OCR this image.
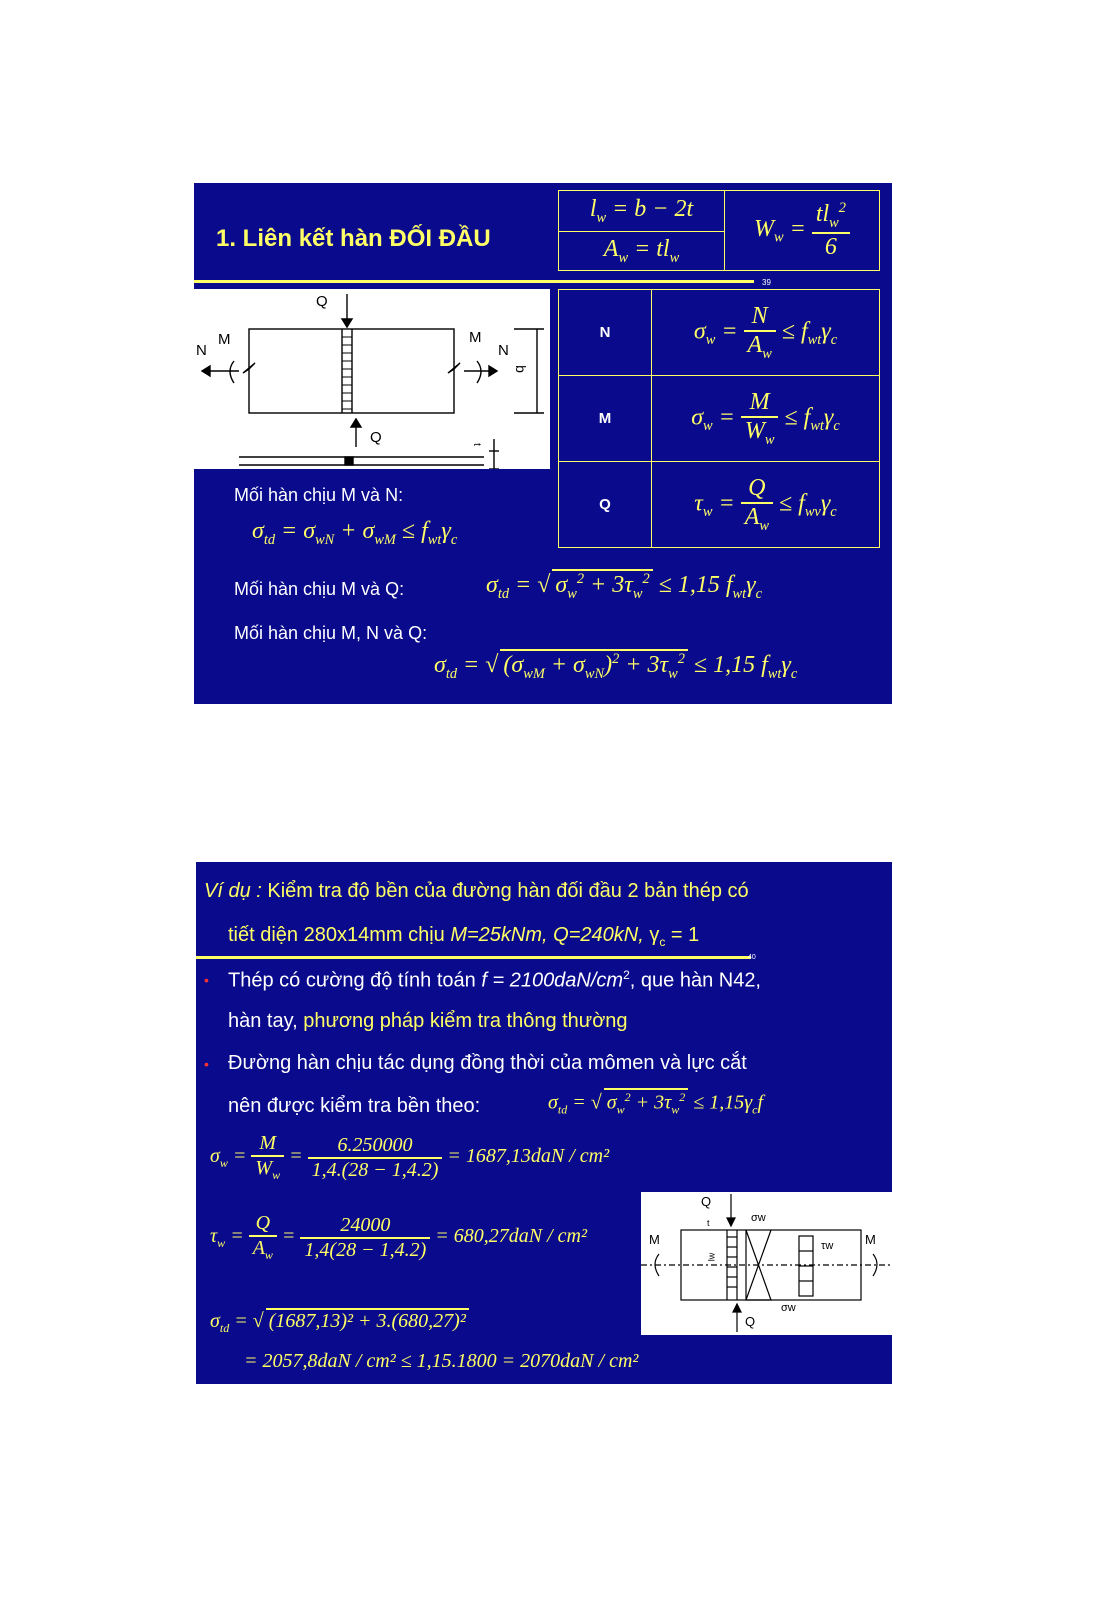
1. Liên kết hàn ĐỐI ĐẦU
39
$l_w = b - 2t$
$A_w = tl_w$
$W_w = \frac{tl_w^2}{6}$
Q
Q
N
M	M
N
b
t
N	$\sigma_w = \frac{N}{A_w} \le f_{wt}\gamma_c$
M	$\sigma_w = \frac{M}{W_w} \le f_{wt}\gamma_c$
Q	$\tau_w = \frac{Q}{A_w} \le f_{wv}\gamma_c$
Mối hàn chịu M và N:
$\sigma_{td} = \sigma_{wN} + \sigma_{wM} \le f_{wt}\gamma_c$
Mối hàn chịu M và Q:	$\sigma_{td}$ = √ $\sigma_w^2 + 3\tau_w^2 \le 1,15$ $f_{wt}\gamma_c$
Mối hàn chịu M, N và Q:
$\sigma_{td}$ = √ $(\sigma_{wM} + \sigma_{wN})^2 + 3\tau_w^2 \le 1,15$ $f_{wt}\gamma_c$
Ví dụ : Kiểm tra độ bền của đường hàn đối đầu 2 bản thép có
tiết diện 280x14mm chịu M=25kNm, Q=240kN, $\gamma_c = 1$
40
• Thép có cường độ tính toán $f = 2100daN/cm^2$, que hàn N42,
hàn tay, phương pháp kiểm tra thông thường
• Đường hàn chịu tác dụng đồng thời của mômen và lực cắt
nên được kiểm tra bền theo:	$\sigma_{td}$ = √ $\sigma_w^2 + 3\tau_w^2 \le 1,15\gamma_cf$
$\sigma_w = \frac{M}{W_w} = \frac{6.250000}{1,4.(28 - 1,4.2)} = 1687,13daN / cm^2$
$\tau_w = \frac{Q}{A_w} = \frac{24000}{1,4(28 - 1,4.2)} = 680,27daN / cm^2$
$\sigma_{td}$ = √ (1687,13)² + 3.(680,27)²
= 2057,8daN / cm² ≤ 1,15.1800 = 2070daN / cm²
Q
Q
M	M
σw
σw
τw
lw
t
